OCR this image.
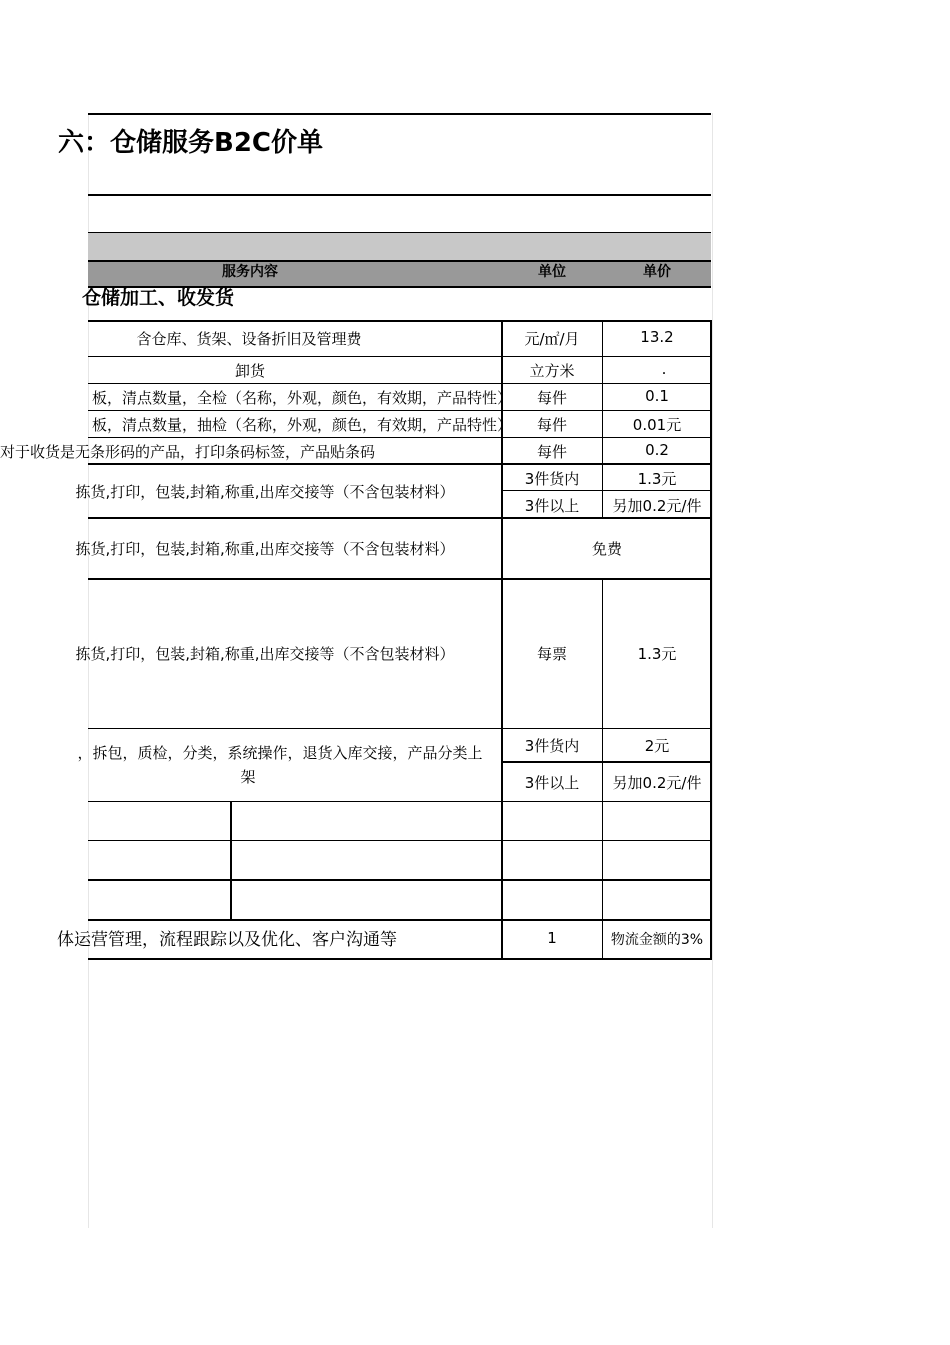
六：仓储服务B2C价单
服务内容	单位	单价
仓储加工、收发货
含仓库、货架、设备折旧及管理费	元/㎡/月	13.2
卸货	立方米	.
板，清点数量，全检（名称，外观，颜色，有效期，产品特性）	每件	0.1
板，清点数量，抽检（名称，外观，颜色，有效期，产品特性）	每件	0.01元
对于收货是无条形码的产品，打印条码标签，产品贴条码	每件	0.2
拣货,打印，包装,封箱,称重,出库交接等（不含包装材料）
3件货内	1.3元
3件以上	另加0.2元/件
拣货,打印，包装,封箱,称重,出库交接等（不含包装材料）	免费
拣货,打印，包装,封箱,称重,出库交接等（不含包装材料）	每票	1.3元
，拆包，质检，分类，系统操作，退货入库交接，产品分类上
架
3件货内	2元
3件以上	另加0.2元/件
体运营管理，流程跟踪以及优化、客户沟通等	1	物流金额的3%
